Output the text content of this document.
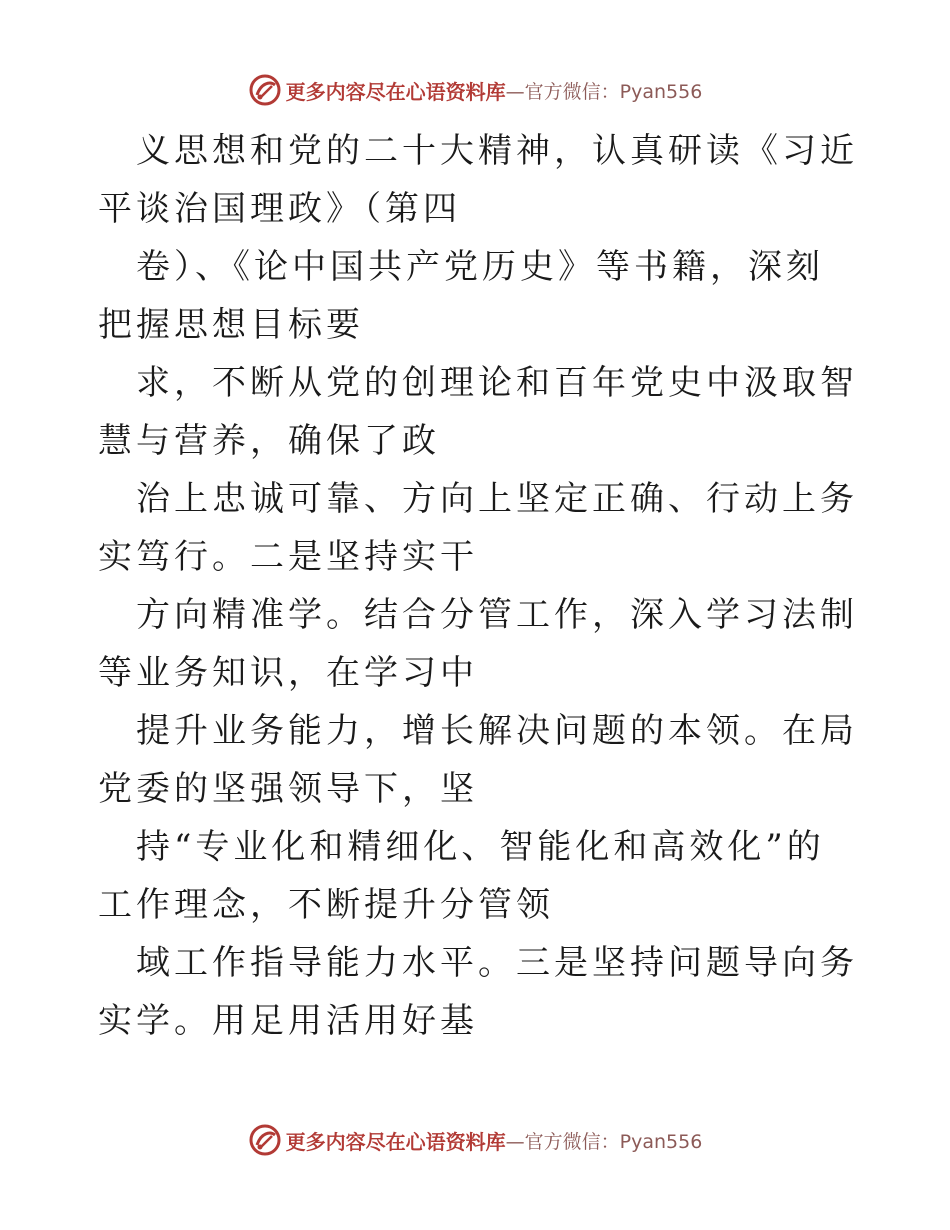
更多内容尽在心语资料库 —官方微信：Pyan556

义思想和党的二十大精神，认真研读《习近平谈治国理政》（第四

卷）、《论中国共产党历史》等书籍，深刻把握思想目标要

求，不断从党的创理论和百年党史中汲取智慧与营养，确保了政

治上忠诚可靠、方向上坚定正确、行动上务实笃行。二是坚持实干

方向精准学。结合分管工作，深入学习法制等业务知识，在学习中

提升业务能力，增长解决问题的本领。在局党委的坚强领导下，坚

持“专业化和精细化、智能化和高效化”的工作理念，不断提升分管领

域工作指导能力水平。三是坚持问题导向务实学。用足用活用好基

更多内容尽在心语资料库 —官方微信：Pyan556
